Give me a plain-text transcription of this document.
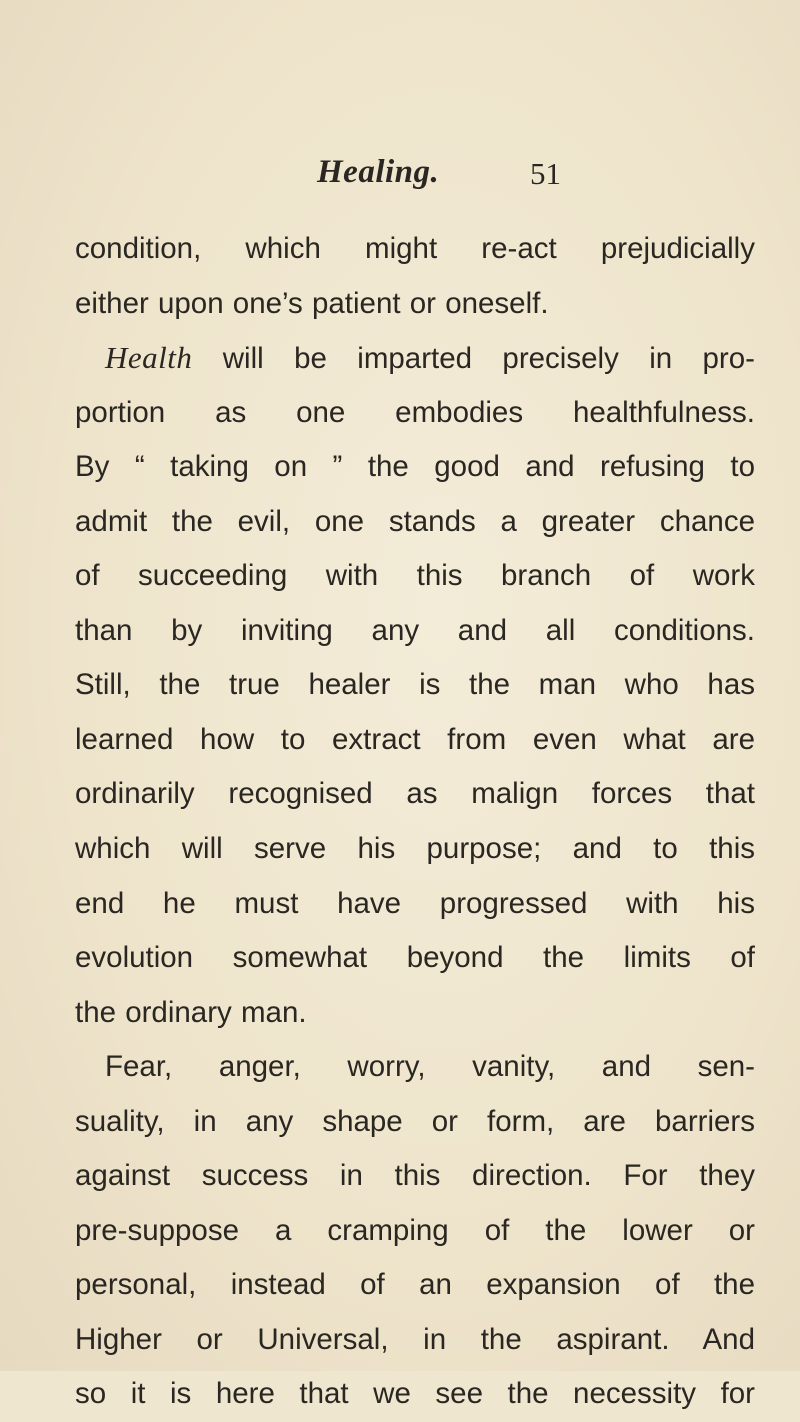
Healing.	51
condition, which might re-act prejudicially
either upon one’s patient or oneself.
Health will be imparted precisely in pro-
portion as one embodies healthfulness.
By “ taking on ” the good and refusing to
admit the evil, one stands a greater chance
of succeeding with this branch of work
than by inviting any and all conditions.
Still, the true healer is the man who has
learned how to extract from even what are
ordinarily recognised as malign forces that
which will serve his purpose; and to this
end he must have progressed with his
evolution somewhat beyond the limits of
the ordinary man.
Fear, anger, worry, vanity, and sen-
suality, in any shape or form, are barriers
against success in this direction. For they
pre-suppose a cramping of the lower or
personal, instead of an expansion of the
Higher or Universal, in the aspirant. And
so it is here that we see the necessity for
